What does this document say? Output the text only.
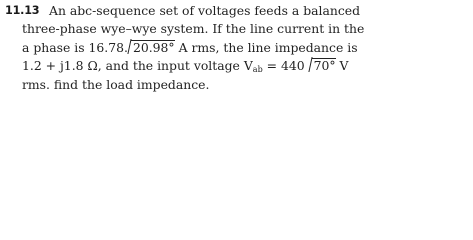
11.13 An abc-sequence set of voltages feeds a balanced
three-phase wye–wye system. If the line current in the
a phase is 16.78. 20.98° A rms, the line impedance is
1.2 + j1.8 Ω, and the input voltage $V_{ab} = 440$ 70° V
rms. find the load impedance.
